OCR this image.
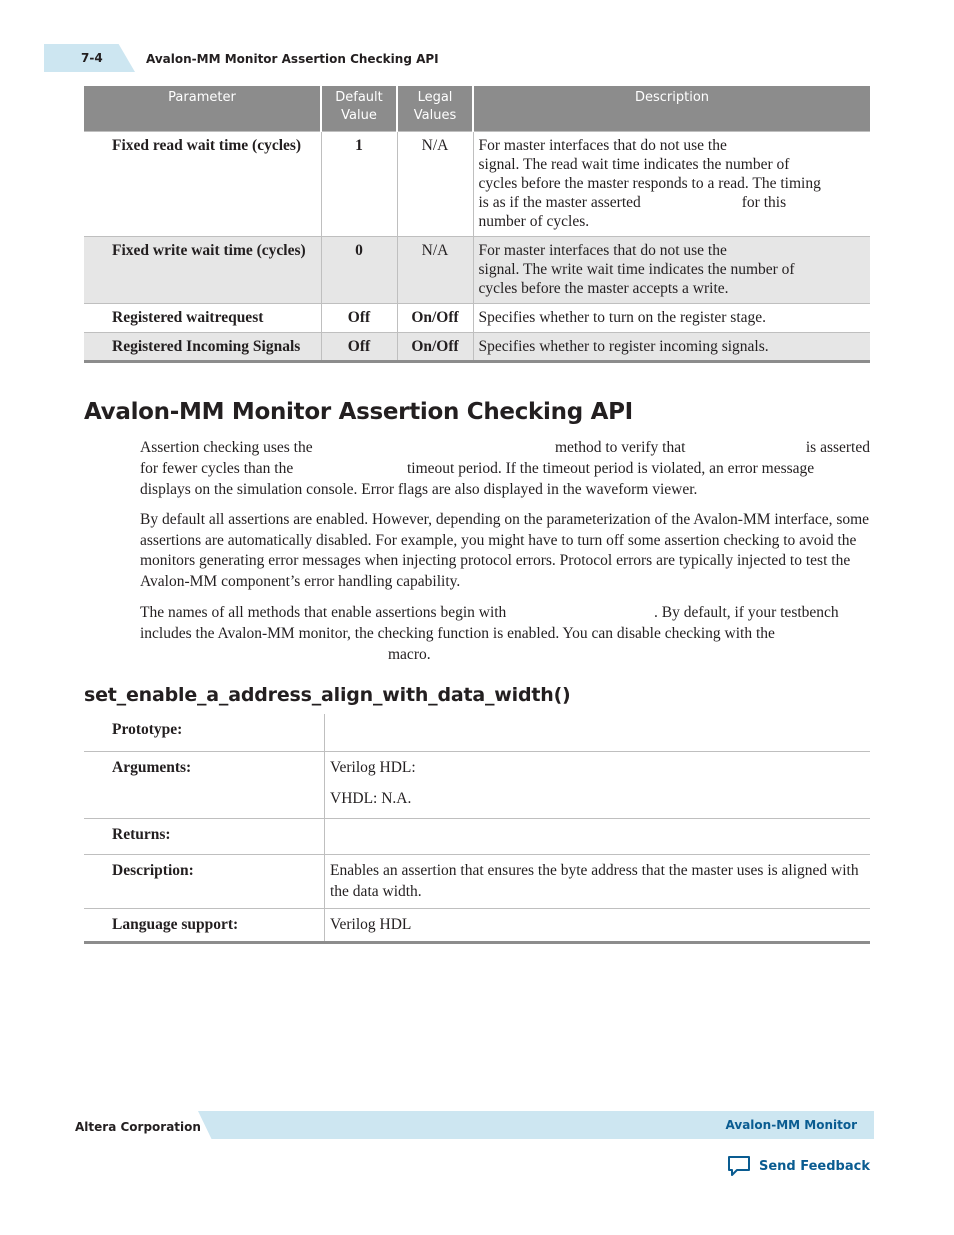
7-4	Avalon-MM Monitor Assertion Checking API
Parameter	Default Value	Legal Values	Description
Fixed read wait time (cycles)	1	N/A	For master interfaces that do not use the
signal. The read wait time indicates the number of
cycles before the master responds to a read. The timing
is as if the master asserted for this
number of cycles.

Fixed write wait time (cycles)	0	N/A	For master interfaces that do not use the
signal. The write wait time indicates the number of
cycles before the master accepts a write.

Registered waitrequest	Off	On/Off	Specifies whether to turn on the register stage.
Registered Incoming Signals	Off	On/Off	Specifies whether to register incoming signals.
Avalon-MM Monitor Assertion Checking API
Assertion checking uses the	method to verify that	is asserted
for fewer cycles than the	timeout period. If the timeout period is violated, an error message
displays on the simulation console. Error flags are also displayed in the waveform viewer.

By default all assertions are enabled. However, depending on the parameterization of the Avalon-MM interface, some assertions are automatically disabled. For example, you might have to turn off some assertion checking to avoid the monitors generating error messages when injecting protocol errors. Protocol errors are typically injected to test the Avalon-MM component’s error handling capability.

The names of all methods that enable assertions begin with	. By default, if your testbench
includes the Avalon-MM monitor, the checking function is enabled. You can disable checking with the
macro.
set_enable_a_address_align_with_data_width()
Prototype:	
Arguments:	Verilog HDL:

VHDL: N.A.

Returns:	
Description:	Enables an assertion that ensures the byte address that the master uses is aligned with the data width.

Language support:	Verilog HDL

Altera Corporation	Avalon-MM Monitor
Send Feedback
